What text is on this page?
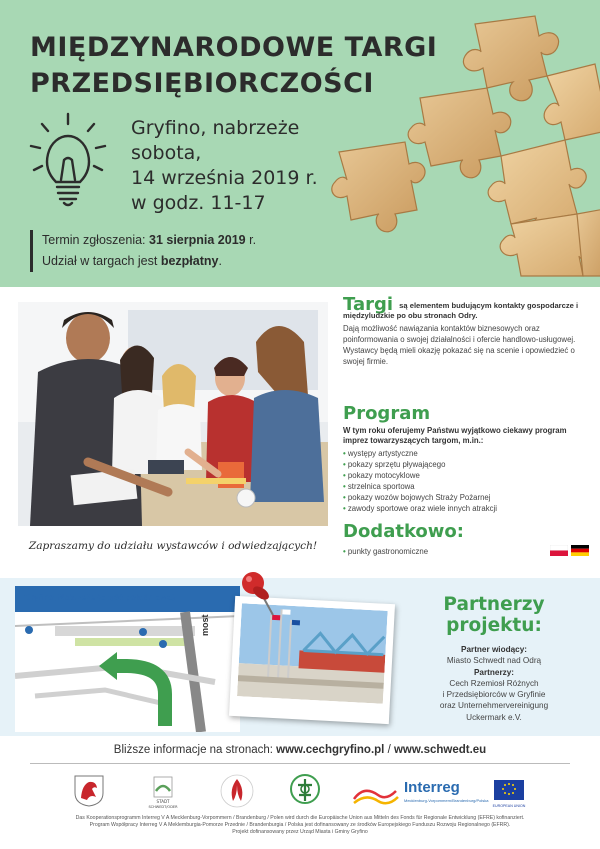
MIĘDZYNARODOWE TARGI
PRZEDSIĘBIORCZOŚCI
Gryfino, nabrzeże
sobota,
14 września 2019 r.
w godz. 11-17
Termin zgłoszenia: 31 sierpnia 2019 r.
Udział w targach jest bezpłatny.
Zapraszamy do udziału wystawców i odwiedzających!
Targi są elementem budującym kontakty gospodarcze i międzyludzkie po obu stronach Odry.
Dają możliwość nawiązania kontaktów biznesowych oraz poinformowania o swojej działalności i ofercie handlowo-usługowej.
Wystawcy będą mieli okazję pokazać się na scenie i opowiedzieć o swojej firmie.
Program
W tym roku oferujemy Państwu wyjątkowo ciekawy program imprez towarzyszących targom, m.in.:
• występy artystyczne
• pokazy sprzętu pływającego
• pokazy motocyklowe
• strzelnica sportowa
• pokazy wozów bojowych Straży Pożarnej
• zawody sportowe oraz wiele innych atrakcji
Dodatkowo:
• punkty gastronomiczne
Gryfino, Nabrzeże (część południowa)
most
Partnerzy
projektu:
Partner wiodący:
Miasto Schwedt nad Odrą
Partnerzy:
Cech Rzemiosł Różnych
i Przedsiębiorców w Gryfinie
oraz Unternehmervereinigung
Uckermark e.V.
Bliższe informacje na stronach: www.cechgryfino.pl / www.schwedt.eu
STADT
SCHWEDT/ODER
Interreg
Mecklenburg-Vorpommern/Brandenburg/Polska
EUROPEAN UNION
Das Kooperationsprogramm Interreg V A Mecklenburg-Vorpommern / Brandenburg / Polen wird durch die Europäische Union aus Mitteln des Fonds für Regionale Entwicklung (EFRE) kofinanziert.
Program Współpracy Interreg V A Meklemburgia-Pomorze Przednie / Brandenburgia / Polska jest dofinansowany ze środków Europejskiego Funduszu Rozwoju Regionalnego (EFRR).
Projekt dofinansowany przez Urząd Miasta i Gminy Gryfino
